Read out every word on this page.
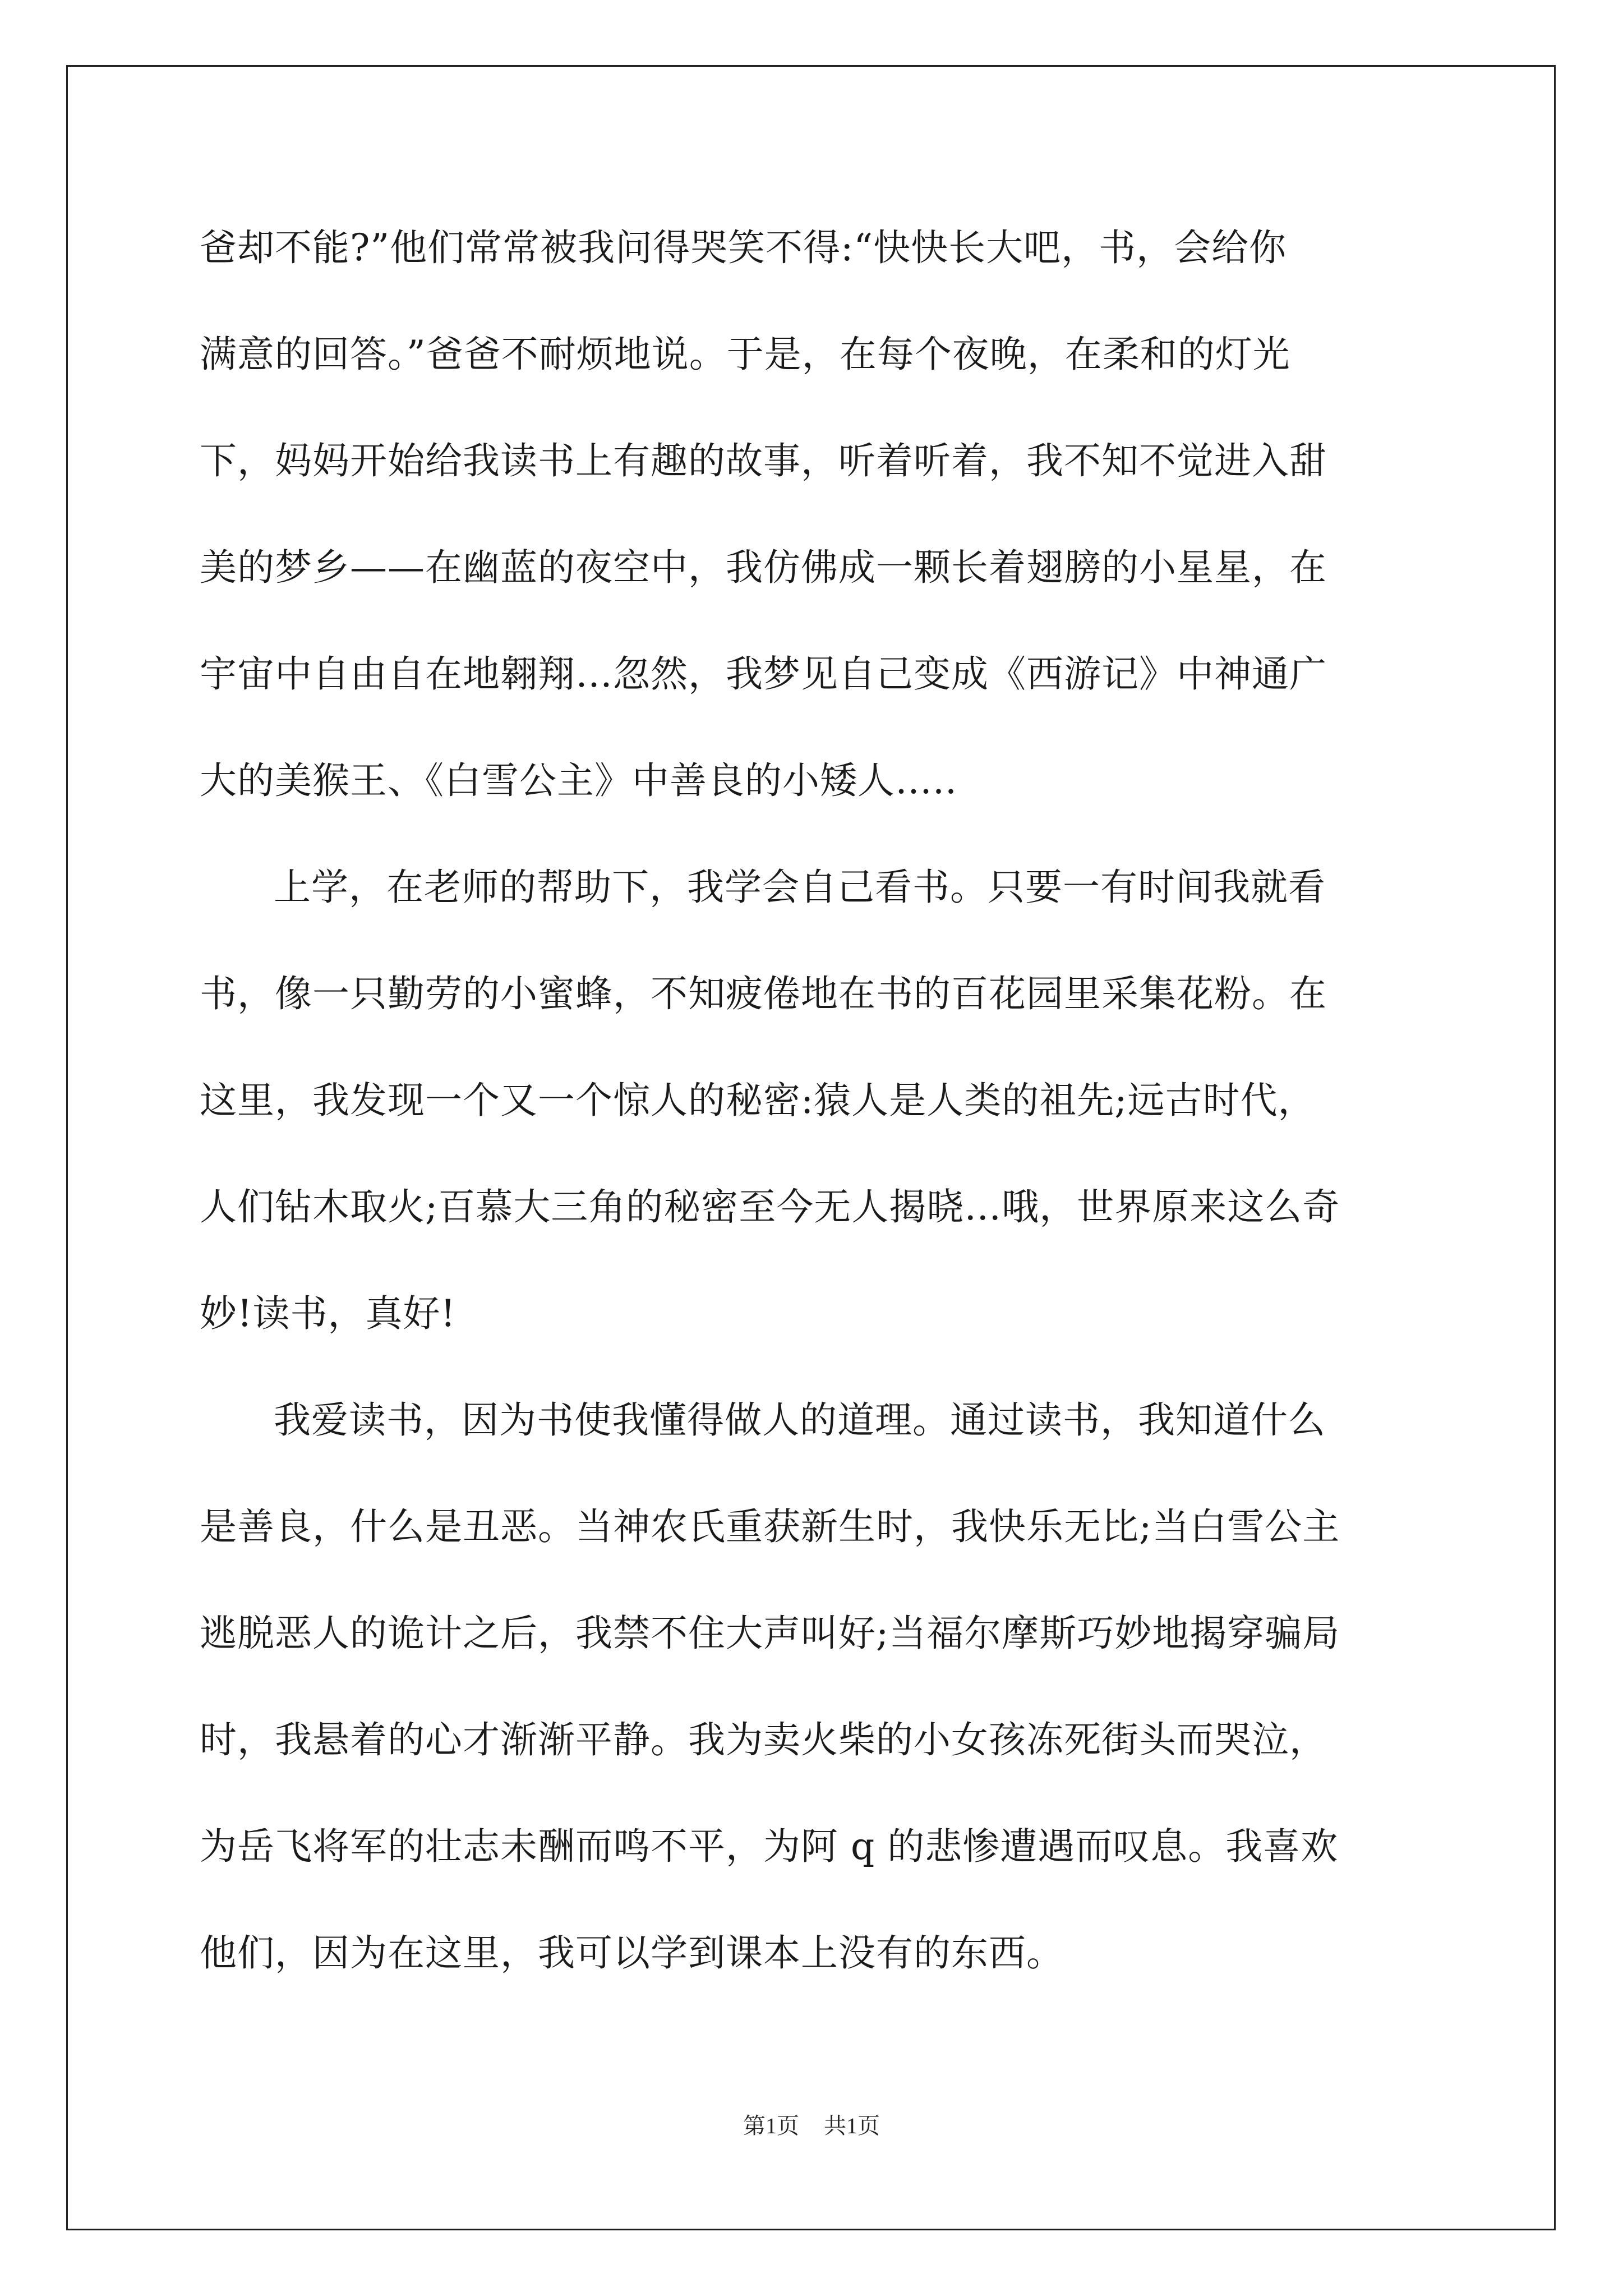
爸却不能?”他们常常被我问得哭笑不得:“快快长大吧，书，会给你
满意的回答。”爸爸不耐烦地说。于是，在每个夜晚，在柔和的灯光
下，妈妈开始给我读书上有趣的故事，听着听着，我不知不觉进入甜
美的梦乡——在幽蓝的夜空中，我仿佛成一颗长着翅膀的小星星，在
宇宙中自由自在地翱翔…忽然，我梦见自己变成《西游记》中神通广
大的美猴王、《白雪公主》中善良的小矮人…..
上学，在老师的帮助下，我学会自己看书。只要一有时间我就看
书，像一只勤劳的小蜜蜂，不知疲倦地在书的百花园里采集花粉。在
这里，我发现一个又一个惊人的秘密:猿人是人类的祖先;远古时代，
人们钻木取火;百慕大三角的秘密至今无人揭晓…哦，世界原来这么奇
妙!读书，真好!
我爱读书，因为书使我懂得做人的道理。通过读书，我知道什么
是善良，什么是丑恶。当神农氏重获新生时，我快乐无比;当白雪公主
逃脱恶人的诡计之后，我禁不住大声叫好;当福尔摩斯巧妙地揭穿骗局
时，我悬着的心才渐渐平静。我为卖火柴的小女孩冻死街头而哭泣，
为岳飞将军的壮志未酬而鸣不平，为阿 q 的悲惨遭遇而叹息。我喜欢
他们，因为在这里，我可以学到课本上没有的东西。
第1页 共1页
